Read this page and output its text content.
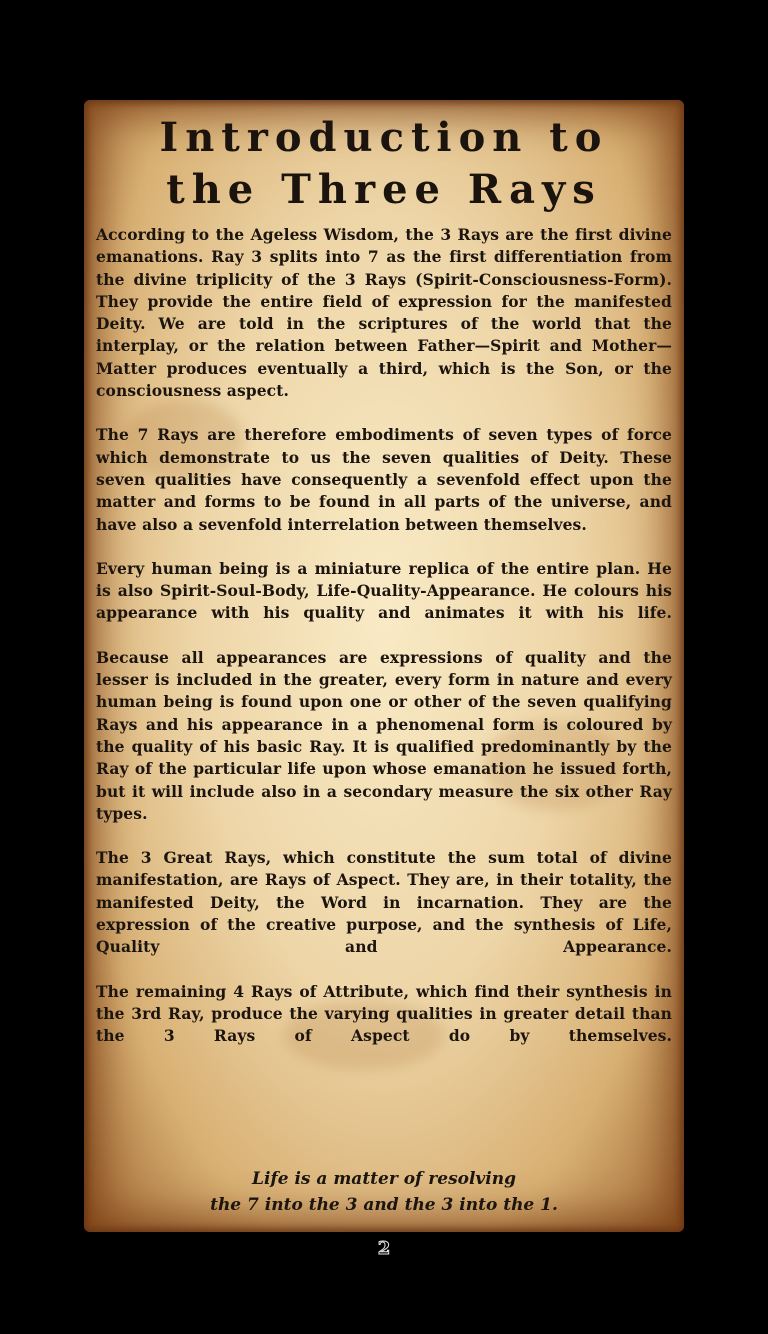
Introduction to
the Three Rays

According to the Ageless Wisdom, the 3 Rays are the first divine emanations. Ray 3 splits into 7 as the first differentiation from the divine triplicity of the 3 Rays (Spirit-Consciousness-Form). They provide the entire field of expression for the manifested Deity. We are told in the scriptures of the world that the interplay, or the relation between Father—Spirit and Mother—Matter produces eventually a third, which is the Son, or the consciousness aspect.

The 7 Rays are therefore embodiments of seven types of force which demonstrate to us the seven qualities of Deity. These seven qualities have consequently a sevenfold effect upon the matter and forms to be found in all parts of the universe, and have also a sevenfold interrelation between themselves.

Every human being is a miniature replica of the entire plan. He is also Spirit-Soul-Body, Life-Quality-Appearance. He colours his appearance with his quality and animates it with his life.

Because all appearances are expressions of quality and the lesser is included in the greater, every form in nature and every human being is found upon one or other of the seven qualifying Rays and his appearance in a phenomenal form is coloured by the quality of his basic Ray. It is qualified predominantly by the Ray of the particular life upon whose emanation he issued forth, but it will include also in a secondary measure the six other Ray types.

The 3 Great Rays, which constitute the sum total of divine manifestation, are Rays of Aspect. They are, in their totality, the manifested Deity, the Word in incarnation. They are the expression of the creative purpose, and the synthesis of Life, Quality and Appearance.

The remaining 4 Rays of Attribute, which find their synthesis in the 3rd Ray, produce the varying qualities in greater detail than the 3 Rays of Aspect do by themselves.

Life is a matter of resolving
the 7 into the 3 and the 3 into the 1.
2
